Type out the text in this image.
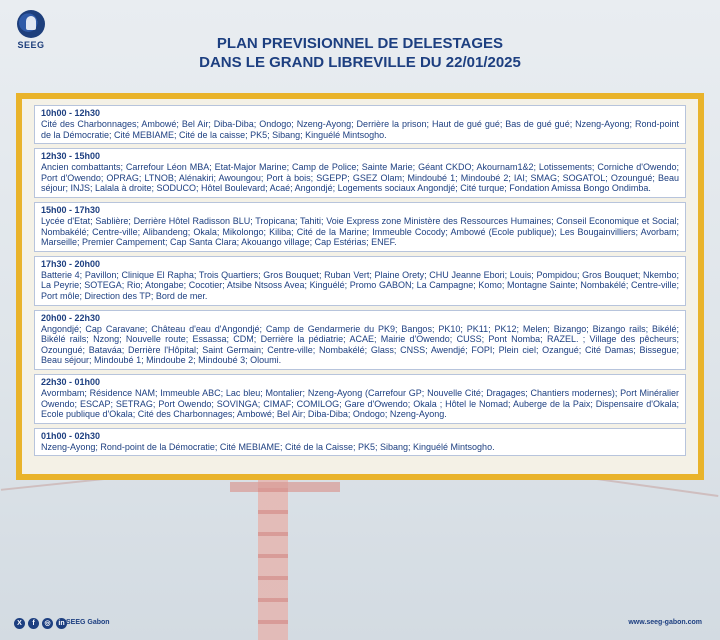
SEEG	PLAN PREVISIONNEL DE DELESTAGES
DANS LE GRAND LIBREVILLE DU 22/01/2025
10h00 - 12h30
Cité des Charbonnages; Ambowé; Bel Air; Diba-Diba; Ondogo; Nzeng-Ayong; Derrière la prison; Haut de gué gué; Bas de gué gué; Nzeng-Ayong; Rond-point de la Démocratie; Cité MEBIAME; Cité de la caisse; PK5; Sibang; Kinguélé Mintsogho.
12h30 - 15h00
Ancien combattants; Carrefour Léon MBA; Etat-Major Marine; Camp de Police; Sainte Marie; Géant CKDO; Akournam1&2; Lotissements; Corniche d'Owendo; Port d'Owendo; OPRAG; LTNOB; Alénakiri; Awoungou; Port à bois; SGEPP; GSEZ Olam; Mindoubé 1; Mindoubé 2; IAI; SMAG; SOGATOL; Ozoungué; Beau séjour; INJS; Lalala à droite; SODUCO; Hôtel Boulevard; Acaé; Angondjé; Logements sociaux Angondjé; Cité turque; Fondation Amissa Bongo Ondimba.
15h00 - 17h30
Lycée d'Etat; Sablière; Derrière Hôtel Radisson BLU; Tropicana; Tahiti; Voie Express zone Ministère des Ressources Humaines; Conseil Economique et Social; Nombakélé; Centre-ville; Alibandeng; Okala; Mikolongo; Kiliba; Cité de la Marine; Immeuble Cocody; Ambowé (Ecole publique); Les Bougainvilliers; Avorbam; Marseille; Premier Campement; Cap Santa Clara; Akouango village; Cap Estérias; ENEF.
17h30 - 20h00
Batterie 4; Pavillon; Clinique El Rapha; Trois Quartiers; Gros Bouquet; Ruban Vert; Plaine Orety; CHU Jeanne Ebori; Louis; Pompidou; Gros Bouquet; Nkembo; La Peyrie; SOTEGA; Rio; Atongabe; Cocotier; Atsibe Ntsoss Avea; Kinguélé; Promo GABON; La Campagne; Komo; Montagne Sainte; Nombakélé; Centre-ville; Port môle; Direction des TP; Bord de mer.
20h00 - 22h30
Angondjé; Cap Caravane; Château d'eau d'Angondjé; Camp de Gendarmerie du PK9; Bangos; PK10; PK11; PK12; Melen; Bizango; Bizango rails; Bikélé; Bikélé rails; Nzong; Nouvelle route; Essassa; CDM; Derrière la pédiatrie; ACAE; Mairie d'Owendo; CUSS; Pont Nomba; RAZEL. ; Village des pêcheurs; Ozoungué; Bataváa; Derrière l'Hôpital; Saint Germain; Centre-ville; Nombakélé; Glass; CNSS; Awendjé; FOPI; Plein ciel; Ozangué; Cité Damas; Bissegue; Beau séjour; Mindoubé 1; Mindoube 2; Mindoubé 3; Oloumi.
22h30 - 01h00
Avormbam; Résidence NAM; Immeuble ABC; Lac bleu; Montalier; Nzeng-Ayong (Carrefour GP; Nouvelle Cité; Dragages; Chantiers modernes); Port Minéralier Owendo; ESCAP; SETRAG; Port Owendo; SOVINGA; CIMAF; COMILOG; Gare d'Owendo; Okala ; Hôtel le Nomad; Auberge de la Paix; Dispensaire d'Okala; Ecole publique d'Okala; Cité des Charbonnages; Ambowé; Bel Air; Diba-Diba; Ondogo; Nzeng-Ayong.
01h00 - 02h30
Nzeng-Ayong; Rond-point de la Démocratie; Cité MEBIAME; Cité de la Caisse; PK5; Sibang; Kinguélé Mintsogho.
X	f	◎	in SEEG Gabon	www.seeg-gabon.com
